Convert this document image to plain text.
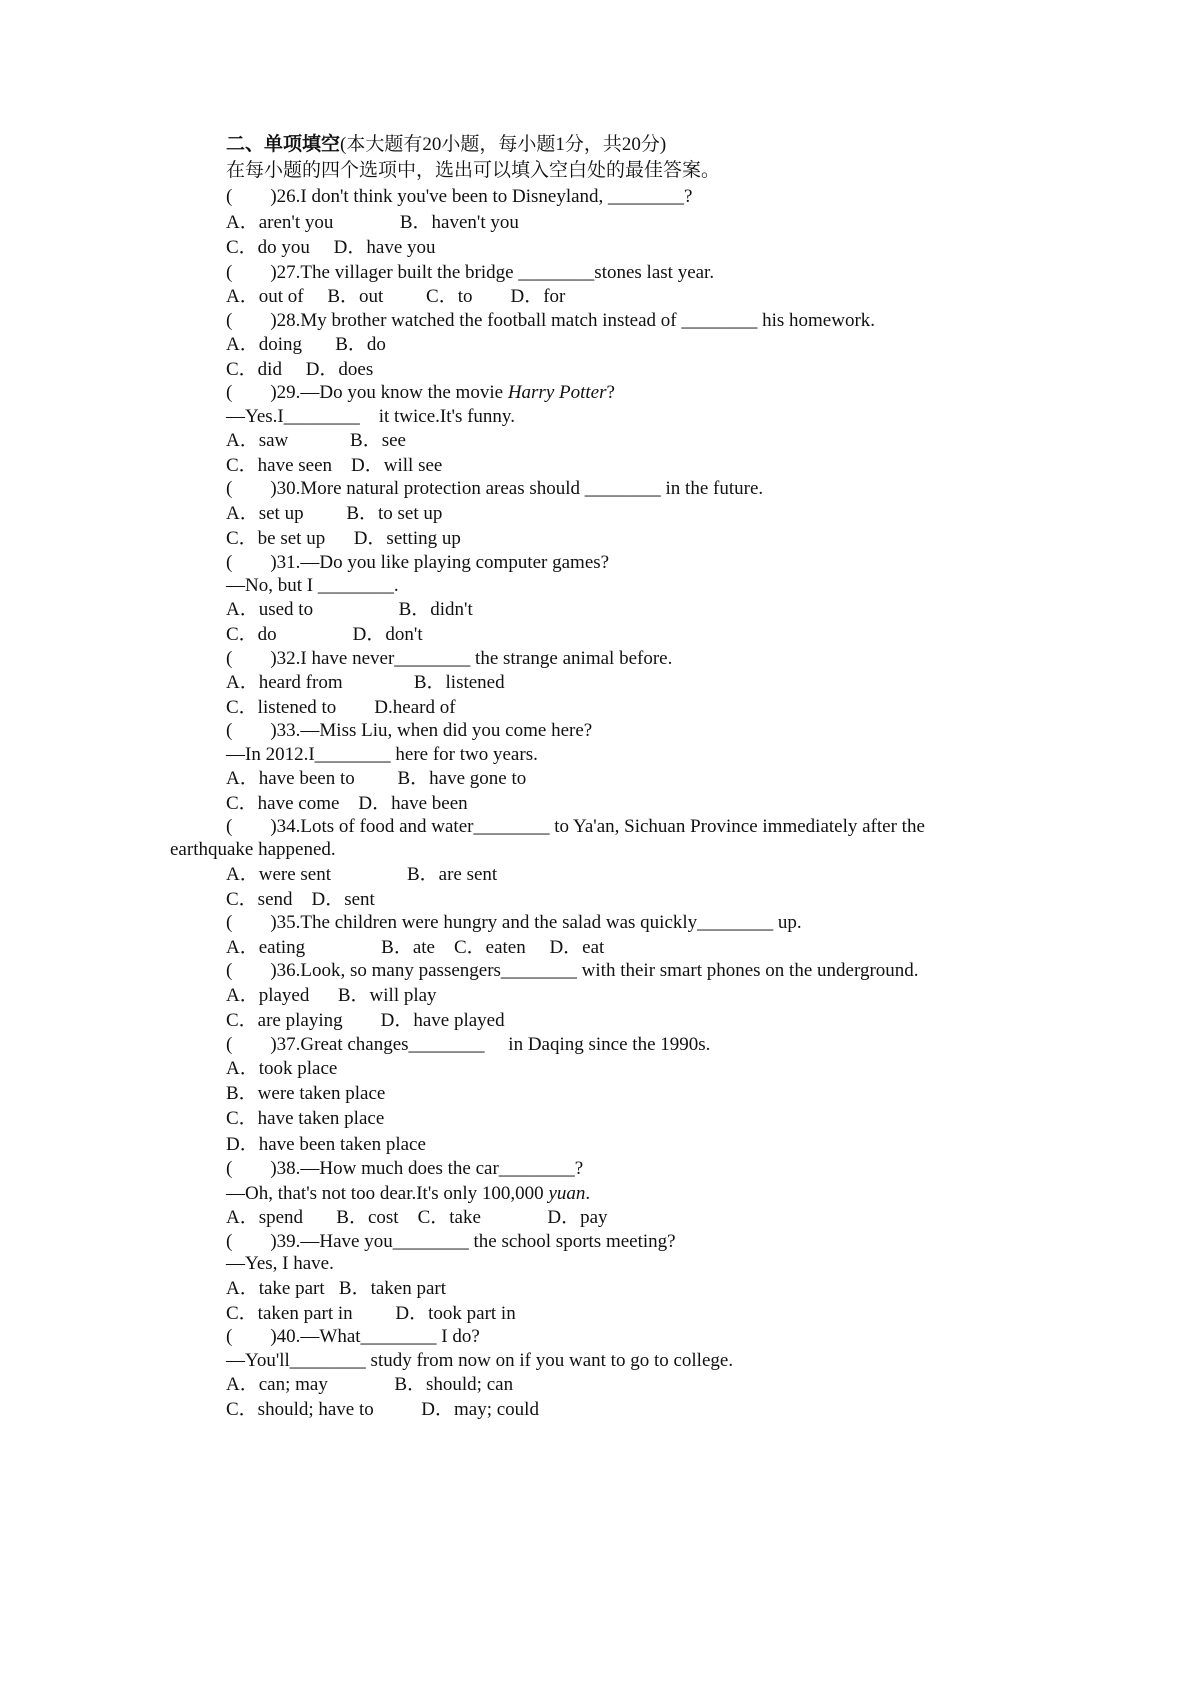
二、单项填空(本大题有20小题，每小题1分，共20分)
在每小题的四个选项中，选出可以填入空白处的最佳答案。
(　　)26.I don't think you've been to Disneyland, ________?
A．aren't you              B．haven't you
C．do you     D．have you
(　　)27.The villager built the bridge ________stones last year.
A．out of     B．out         C．to        D．for
(　　)28.My brother watched the football match instead of ________ his homework.
A．doing       B．do
C．did     D．does
(　　)29.—Do you know the movie Harry Potter?
—Yes.I________    it twice.It's funny.
A．saw             B．see
C．have seen    D．will see
(　　)30.More natural protection areas should ________ in the future.
A．set up         B．to set up
C．be set up      D．setting up
(　　)31.—Do you like playing computer games?
—No, but I ________.
A．used to                  B．didn't
C．do                D．don't
(　　)32.I have never________ the strange animal before.
A．heard from               B．listened
C．listened to        D.heard of
(　　)33.—Miss Liu, when did you come here?
—In 2012.I________ here for two years.
A．have been to         B．have gone to
C．have come    D．have been
(　　)34.Lots of food and water________ to Ya'an, Sichuan Province immediately after the
earthquake happened.
A．were sent                B．are sent
C．send    D．sent
(　　)35.The children were hungry and the salad was quickly________ up.
A．eating                B．ate    C．eaten     D．eat
(　　)36.Look, so many passengers________ with their smart phones on the underground.
A．played      B．will play
C．are playing        D．have played
(　　)37.Great changes________     in Daqing since the 1990s.
A．took place
B．were taken place
C．have taken place
D．have been taken place
(　　)38.—How much does the car________?
—Oh, that's not too dear.It's only 100,000 yuan.
A．spend       B．cost    C．take              D．pay
(　　)39.—Have you________ the school sports meeting?
—Yes, I have.
A．take part   B．taken part
C．taken part in         D．took part in
(　　)40.—What________ I do?
—You'll________ study from now on if you want to go to college.
A．can; may              B．should; can
C．should; have to          D．may; could
